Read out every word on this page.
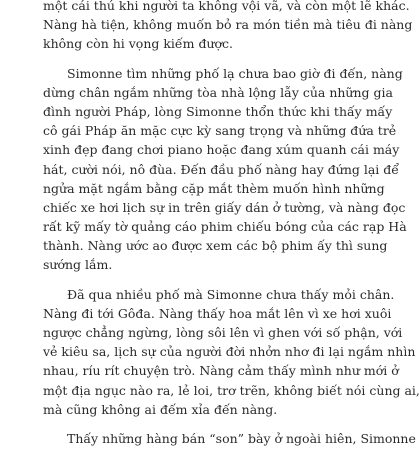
một cái thú khi người ta không vội vã, và còn một lẽ khác.
Nàng hà tiện, không muốn bỏ ra món tiền mà tiêu đi nàng
không còn hi vọng kiếm được.
Simonne tìm những phố lạ chưa bao giờ đi đến, nàng
dừng chân ngắm những tòa nhà lộng lẫy của những gia
đình người Pháp, lòng Simonne thổn thức khi thấy mấy
cô gái Pháp ăn mặc cực kỳ sang trọng và những đứa trẻ
xinh đẹp đang chơi piano hoặc đang xúm quanh cái máy
hát, cười nói, nô đùa. Đến đầu phố nàng hay đứng lại để
ngửa mặt ngắm bằng cặp mắt thèm muốn hình những
chiếc xe hơi lịch sự in trên giấy dán ở tường, và nàng đọc
rất kỹ mấy tờ quảng cáo phim chiếu bóng của các rạp Hà
thành. Nàng ước ao được xem các bộ phim ấy thì sung
sướng lắm.
Đã qua nhiều phố mà Simonne chưa thấy mỏi chân.
Nàng đi tới Gôđa. Nàng thấy hoa mắt lên vì xe hơi xuôi
ngược chẳng ngừng, lòng sôi lên vì ghen với số phận, với
vẻ kiêu sa, lịch sự của người đời nhởn nhơ đi lại ngắm nhìn
nhau, ríu rít chuyện trò. Nàng cảm thấy mình như mới ở
một địa ngục nào ra, lẻ loi, trơ trẽn, không biết nói cùng ai,
mà cũng không ai đếm xỉa đến nàng.
Thấy những hàng bán “son” bày ở ngoài hiên, Simonne
